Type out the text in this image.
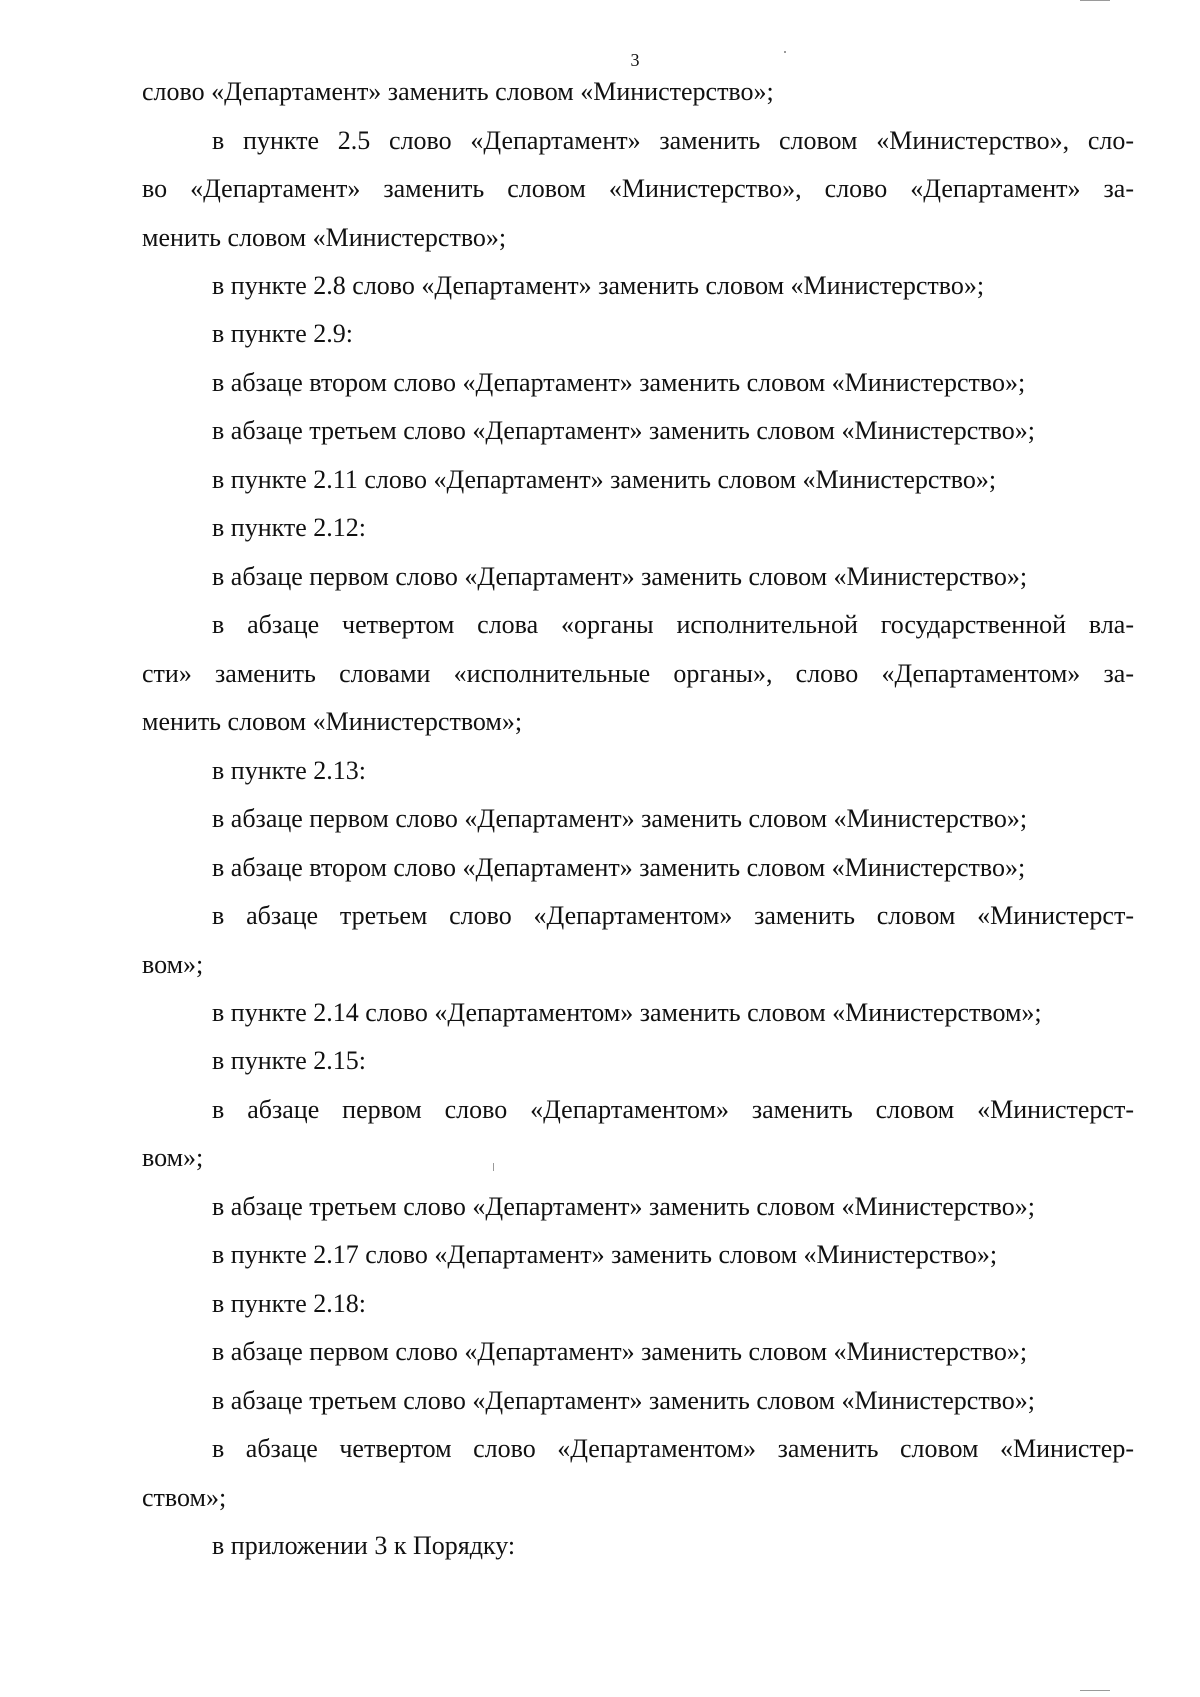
3
слово «Департамент» заменить словом «Министерство»;
в пункте 2.5 слово «Департамент» заменить словом «Министерство», сло-
во «Департамент» заменить словом «Министерство», слово «Департамент» за-
менить словом «Министерство»;
в пункте 2.8 слово «Департамент» заменить словом «Министерство»;
в пункте 2.9:
в абзаце втором слово «Департамент» заменить словом «Министерство»;
в абзаце третьем слово «Департамент» заменить словом «Министерство»;
в пункте 2.11 слово «Департамент» заменить словом «Министерство»;
в пункте 2.12:
в абзаце первом слово «Департамент» заменить словом «Министерство»;
в абзаце четвертом слова «органы исполнительной государственной вла-
сти» заменить словами «исполнительные органы», слово «Департаментом» за-
менить словом «Министерством»;
в пункте 2.13:
в абзаце первом слово «Департамент» заменить словом «Министерство»;
в абзаце втором слово «Департамент» заменить словом «Министерство»;
в абзаце третьем слово «Департаментом» заменить словом «Министерст-
вом»;
в пункте 2.14 слово «Департаментом» заменить словом «Министерством»;
в пункте 2.15:
в абзаце первом слово «Департаментом» заменить словом «Министерст-
вом»;
в абзаце третьем слово «Департамент» заменить словом «Министерство»;
в пункте 2.17 слово «Департамент» заменить словом «Министерство»;
в пункте 2.18:
в абзаце первом слово «Департамент» заменить словом «Министерство»;
в абзаце третьем слово «Департамент» заменить словом «Министерство»;
в абзаце четвертом слово «Департаментом» заменить словом «Министер-
ством»;
в приложении 3 к Порядку:
